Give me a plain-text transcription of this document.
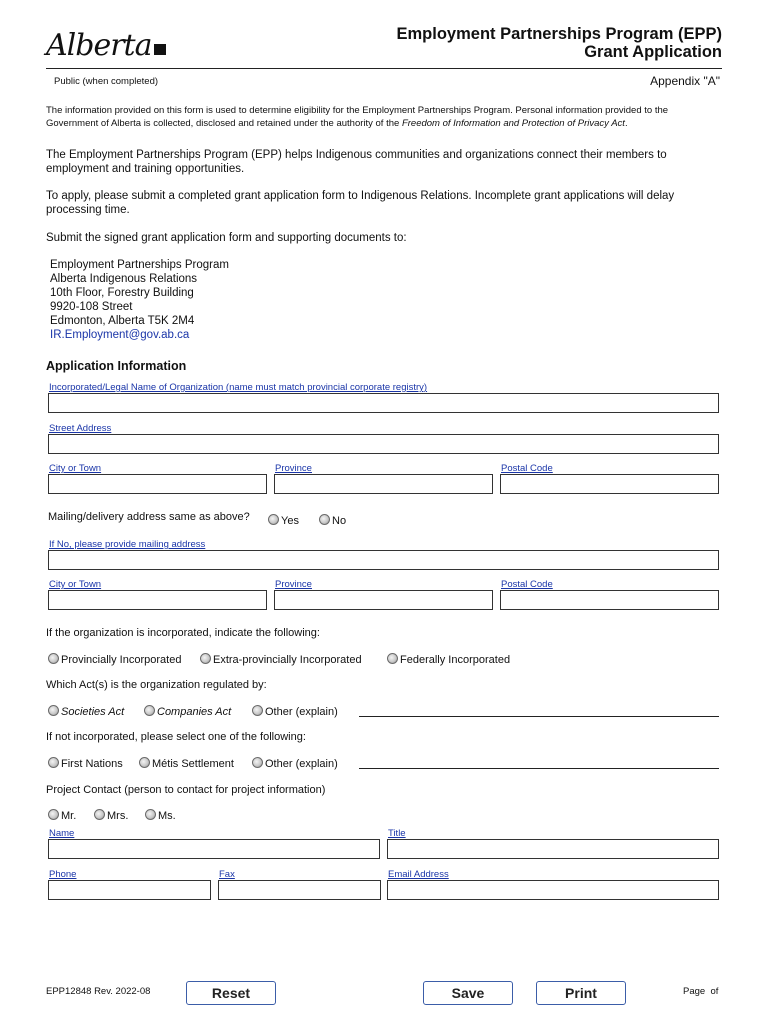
Alberta	Employment Partnerships Program (EPP)
Grant Application
Public (when completed)	Appendix "A"
The information provided on this form is used to determine eligibility for the Employment Partnerships Program. Personal information provided to the Government of Alberta is collected, disclosed and retained under the authority of the Freedom of Information and Protection of Privacy Act.
The Employment Partnerships Program (EPP) helps Indigenous communities and organizations connect their members to employment and training opportunities.
To apply, please submit a completed grant application form to Indigenous Relations. Incomplete grant applications will delay processing time.
Submit the signed grant application form and supporting documents to:
Employment Partnerships Program
Alberta Indigenous Relations
10th Floor, Forestry Building
9920-108 Street
Edmonton, Alberta T5K 2M4
IR.Employment@gov.ab.ca
Application Information
Incorporated/Legal Name of Organization (name must match provincial corporate registry)
Street Address
City or Town	Province	Postal Code
Mailing/delivery address same as above?	Yes	No
If No, please provide mailing address
City or Town	Province	Postal Code
If the organization is incorporated, indicate the following:
Provincially Incorporated	Extra-provincially Incorporated	Federally Incorporated
Which Act(s) is the organization regulated by:
Societies Act	Companies Act	Other (explain)
If not incorporated, please select one of the following:
First Nations	Métis Settlement	Other (explain)
Project Contact (person to contact for project information)
Mr.	Mrs.	Ms.
Name	Title
Phone	Fax	Email Address
EPP12848 Rev. 2022-08	Reset	Save	Print	Page  of
